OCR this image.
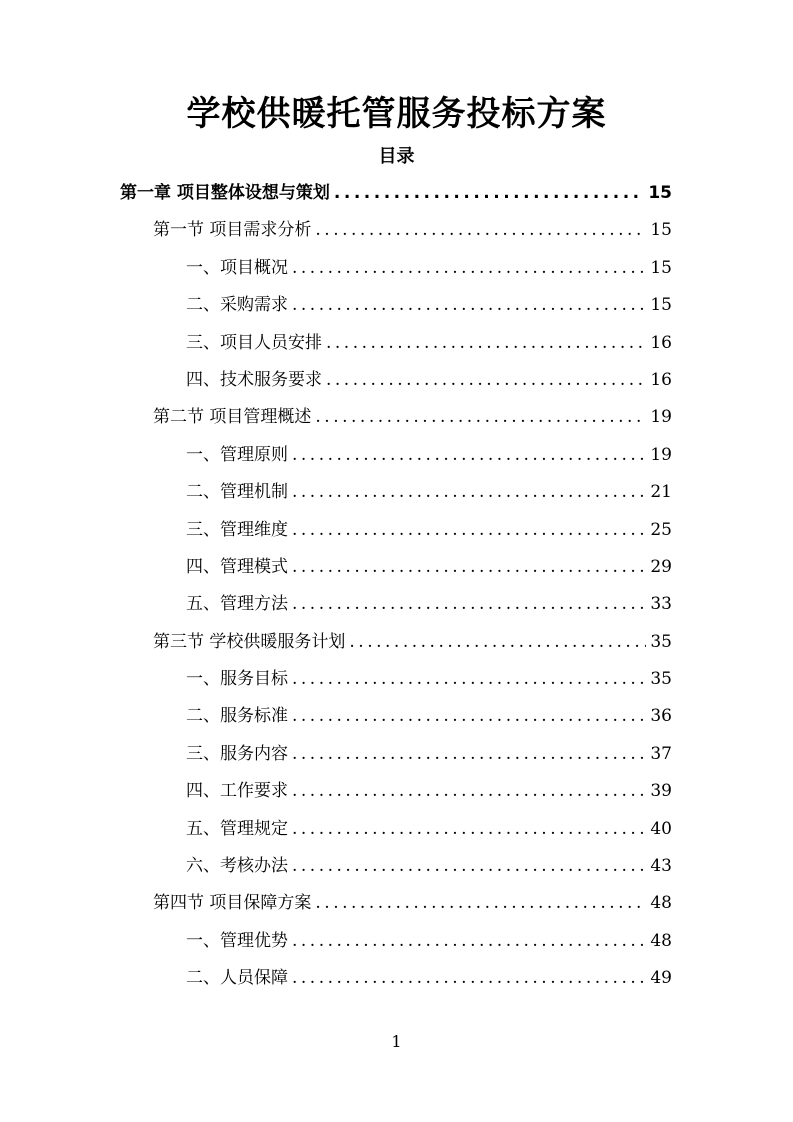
学校供暖托管服务投标方案
目录
第一章 项目整体设想与策划 .....	15
第一节 项目需求分析 .....	15
一、项目概况 .....	15
二、采购需求 .....	15
三、项目人员安排 .....	16
四、技术服务要求 .....	16
第二节 项目管理概述 .....	19
一、管理原则 .....	19
二、管理机制 .....	21
三、管理维度 .....	25
四、管理模式 .....	29
五、管理方法 .....	33
第三节 学校供暖服务计划 .....	35
一、服务目标 .....	35
二、服务标准 .....	36
三、服务内容 .....	37
四、工作要求 .....	39
五、管理规定 .....	40
六、考核办法 .....	43
第四节 项目保障方案 .....	48
一、管理优势 .....	48
二、人员保障 .....	49
1
